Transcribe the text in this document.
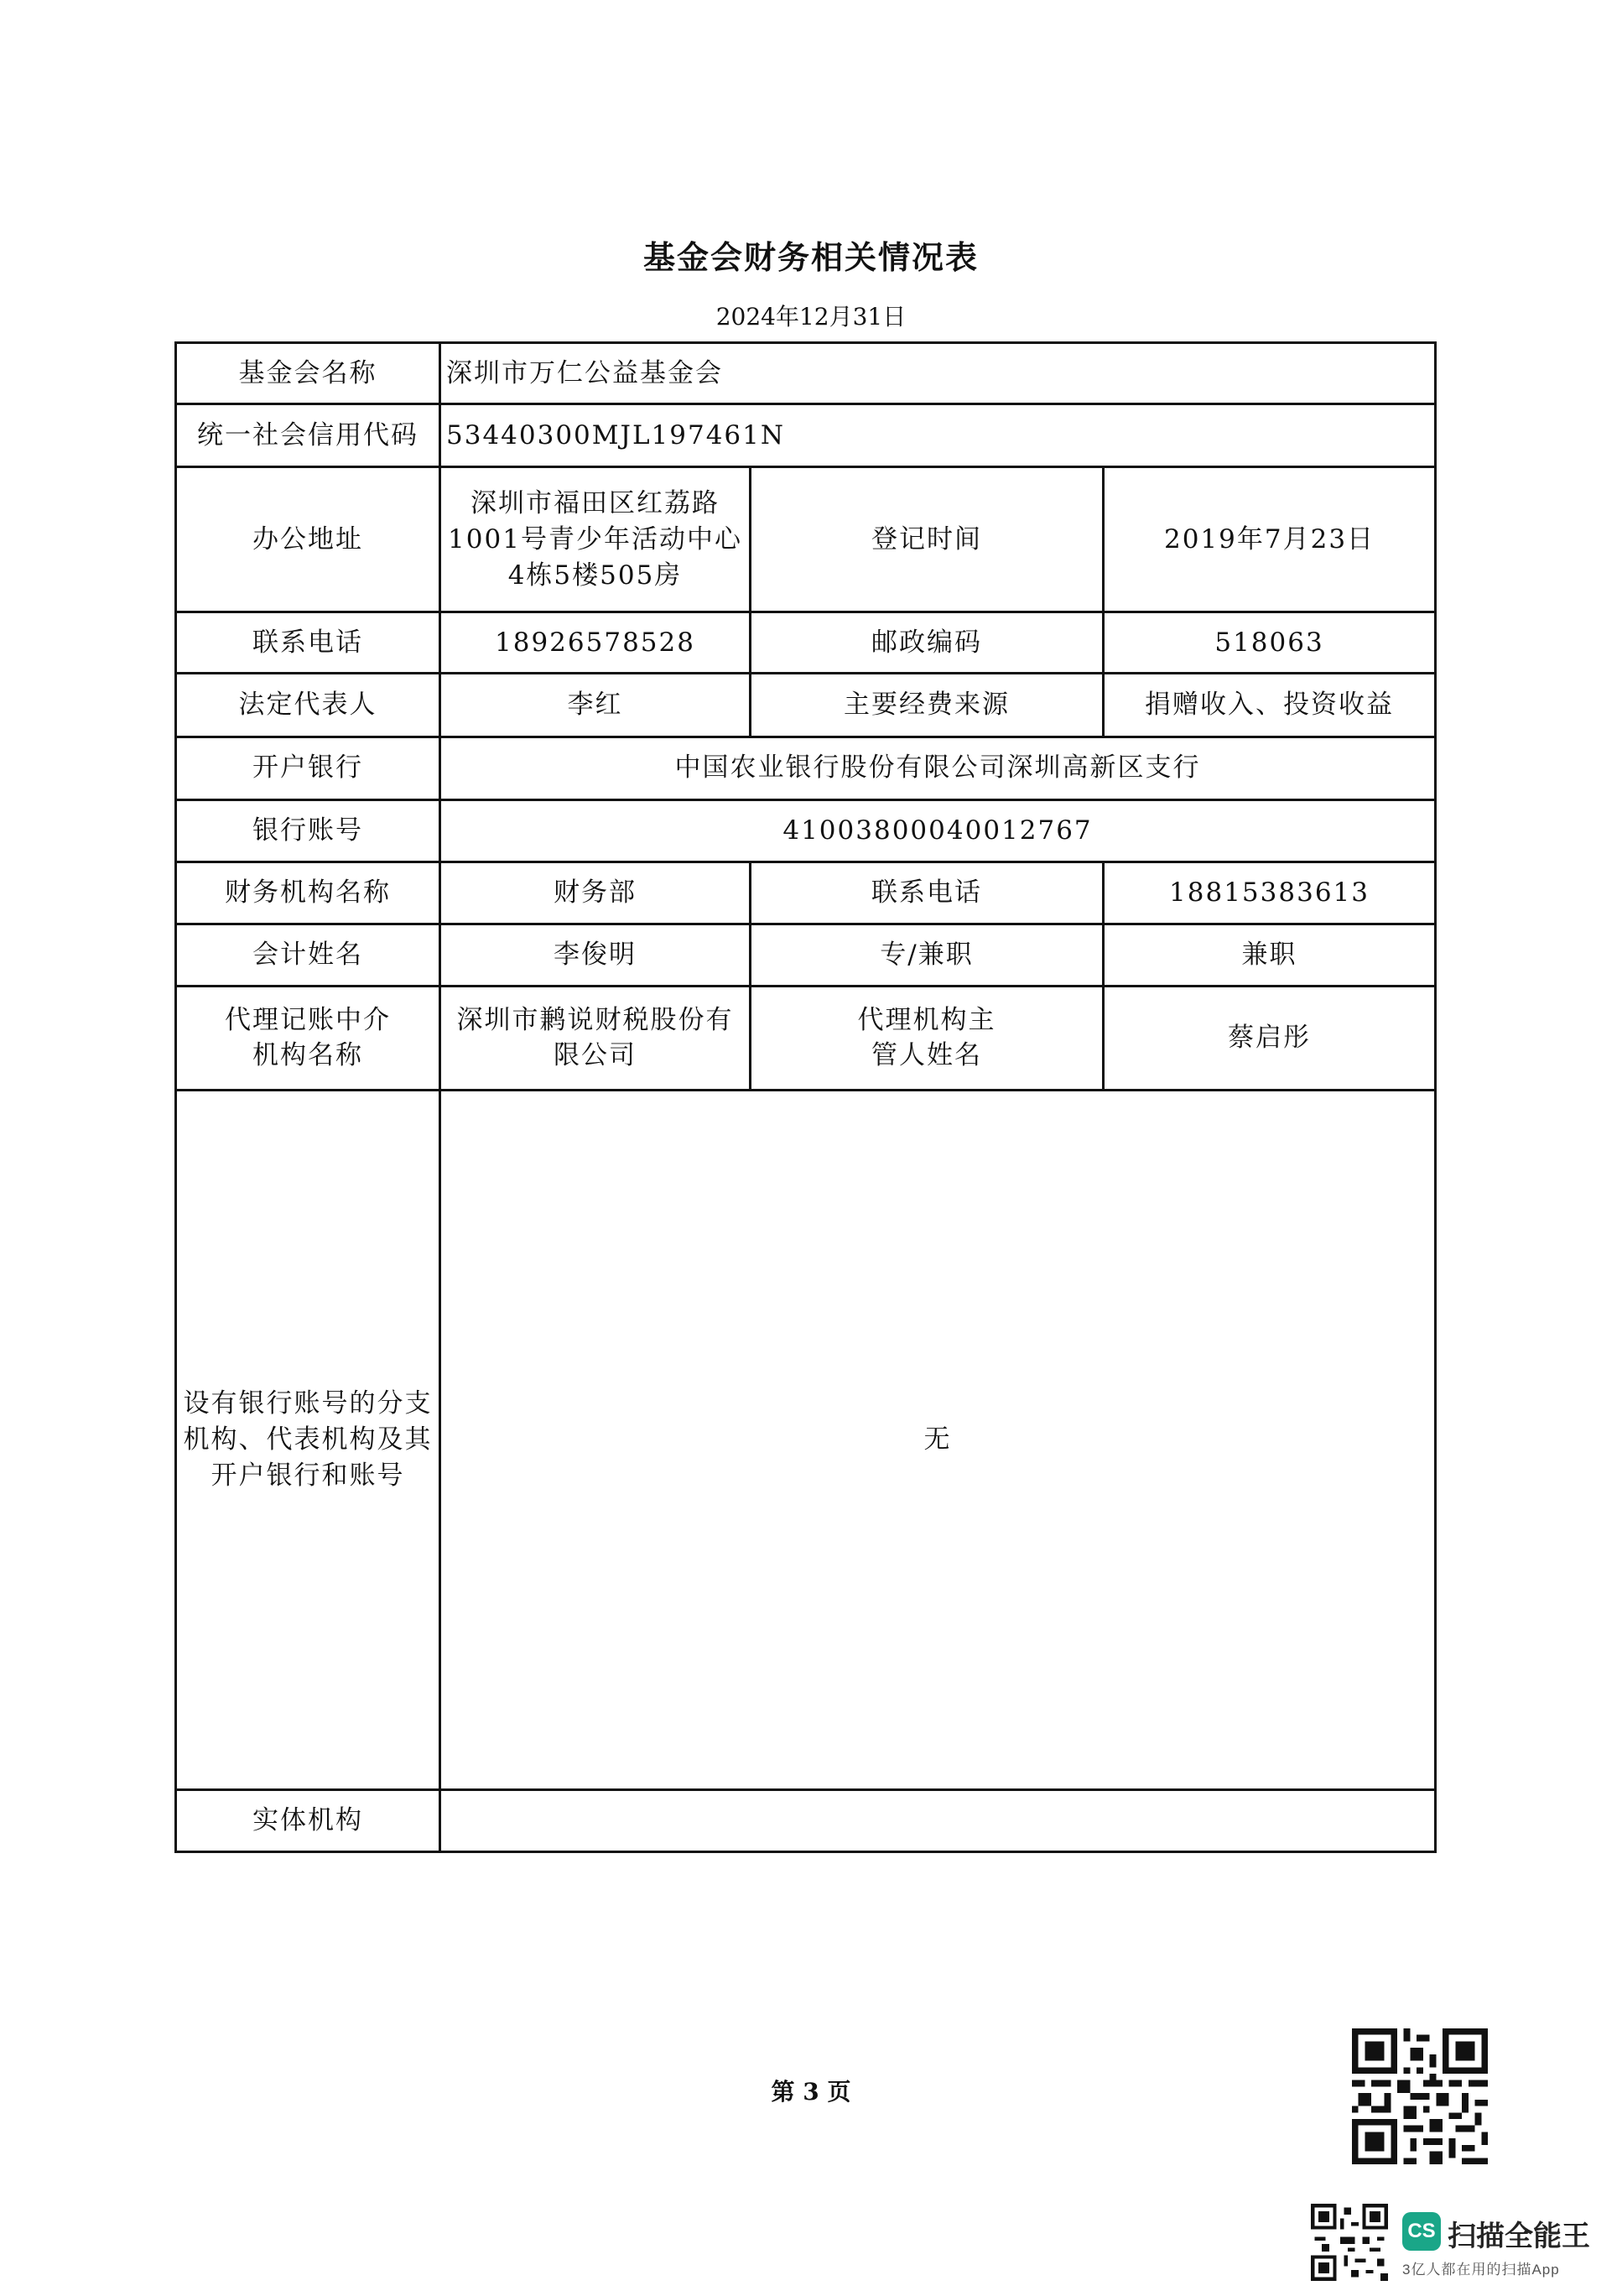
基金会财务相关情况表
2024年12月31日
基金会名称	深圳市万仁公益基金会		
统一社会信用代码	53440300MJL197461N		
办公地址	深圳市福田区红荔路1001号青少年活动中心4栋5楼505房	登记时间	2019年7月23日
联系电话	18926578528	邮政编码	518063
法定代表人	李红	主要经费来源	捐赠收入、投资收益
开户银行	中国农业银行股份有限公司深圳高新区支行		
银行账号	41003800040012767		
财务机构名称	财务部	联系电话	18815383613
会计姓名	李俊明	专/兼职	兼职
代理记账中介机构名称	深圳市鹣说财税股份有限公司	代理机构主管人姓名	蔡启彤
设有银行账号的分支机构、代表机构及其开户银行和账号	无		
实体机构			
第 3 页
CS 扫描全能王
3亿人都在用的扫描App
